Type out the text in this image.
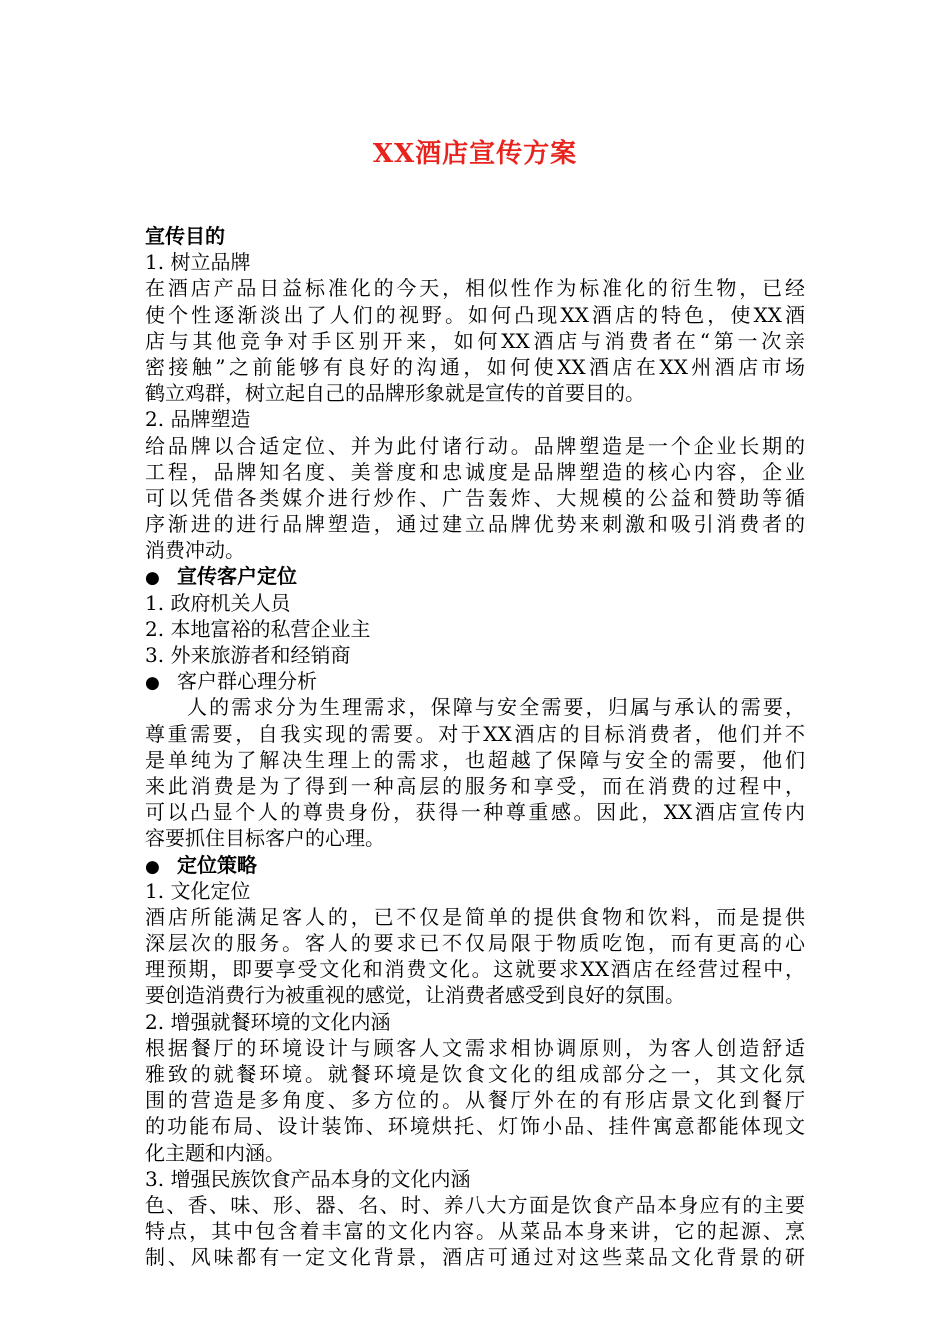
XX酒店宣传方案
宣传目的
1. 树立品牌
在酒店产品日益标准化的今天，相似性作为标准化的衍生物，已经
使个性逐渐淡出了人们的视野。如何凸现XX酒店的特色，使XX酒
店与其他竞争对手区别开来，如何XX酒店与消费者在“第一次亲
密接触”之前能够有良好的沟通，如何使XX酒店在XX州酒店市场
鹤立鸡群，树立起自己的品牌形象就是宣传的首要目的。
2. 品牌塑造
给品牌以合适定位、并为此付诸行动。品牌塑造是一个企业长期的
工程，品牌知名度、美誉度和忠诚度是品牌塑造的核心内容，企业
可以凭借各类媒介进行炒作、广告轰炸、大规模的公益和赞助等循
序渐进的进行品牌塑造，通过建立品牌优势来刺激和吸引消费者的
消费冲动。
● 宣传客户定位
1. 政府机关人员
2. 本地富裕的私营企业主
3. 外来旅游者和经销商
● 客户群心理分析
人的需求分为生理需求，保障与安全需要，归属与承认的需要，
尊重需要，自我实现的需要。对于XX酒店的目标消费者，他们并不
是单纯为了解决生理上的需求，也超越了保障与安全的需要，他们
来此消费是为了得到一种高层的服务和享受，而在消费的过程中，
可以凸显个人的尊贵身份，获得一种尊重感。因此，XX酒店宣传内
容要抓住目标客户的心理。
● 定位策略
1. 文化定位
酒店所能满足客人的，已不仅是简单的提供食物和饮料，而是提供
深层次的服务。客人的要求已不仅局限于物质吃饱，而有更高的心
理预期，即要享受文化和消费文化。这就要求XX酒店在经营过程中，
要创造消费行为被重视的感觉，让消费者感受到良好的氛围。
2. 增强就餐环境的文化内涵
根据餐厅的环境设计与顾客人文需求相协调原则，为客人创造舒适
雅致的就餐环境。就餐环境是饮食文化的组成部分之一，其文化氛
围的营造是多角度、多方位的。从餐厅外在的有形店景文化到餐厅
的功能布局、设计装饰、环境烘托、灯饰小品、挂件寓意都能体现文
化主题和内涵。
3. 增强民族饮食产品本身的文化内涵
色、香、味、形、器、名、时、养八大方面是饮食产品本身应有的主要
特点，其中包含着丰富的文化内容。从菜品本身来讲，它的起源、烹
制、风味都有一定文化背景，酒店可通过对这些菜品文化背景的研
